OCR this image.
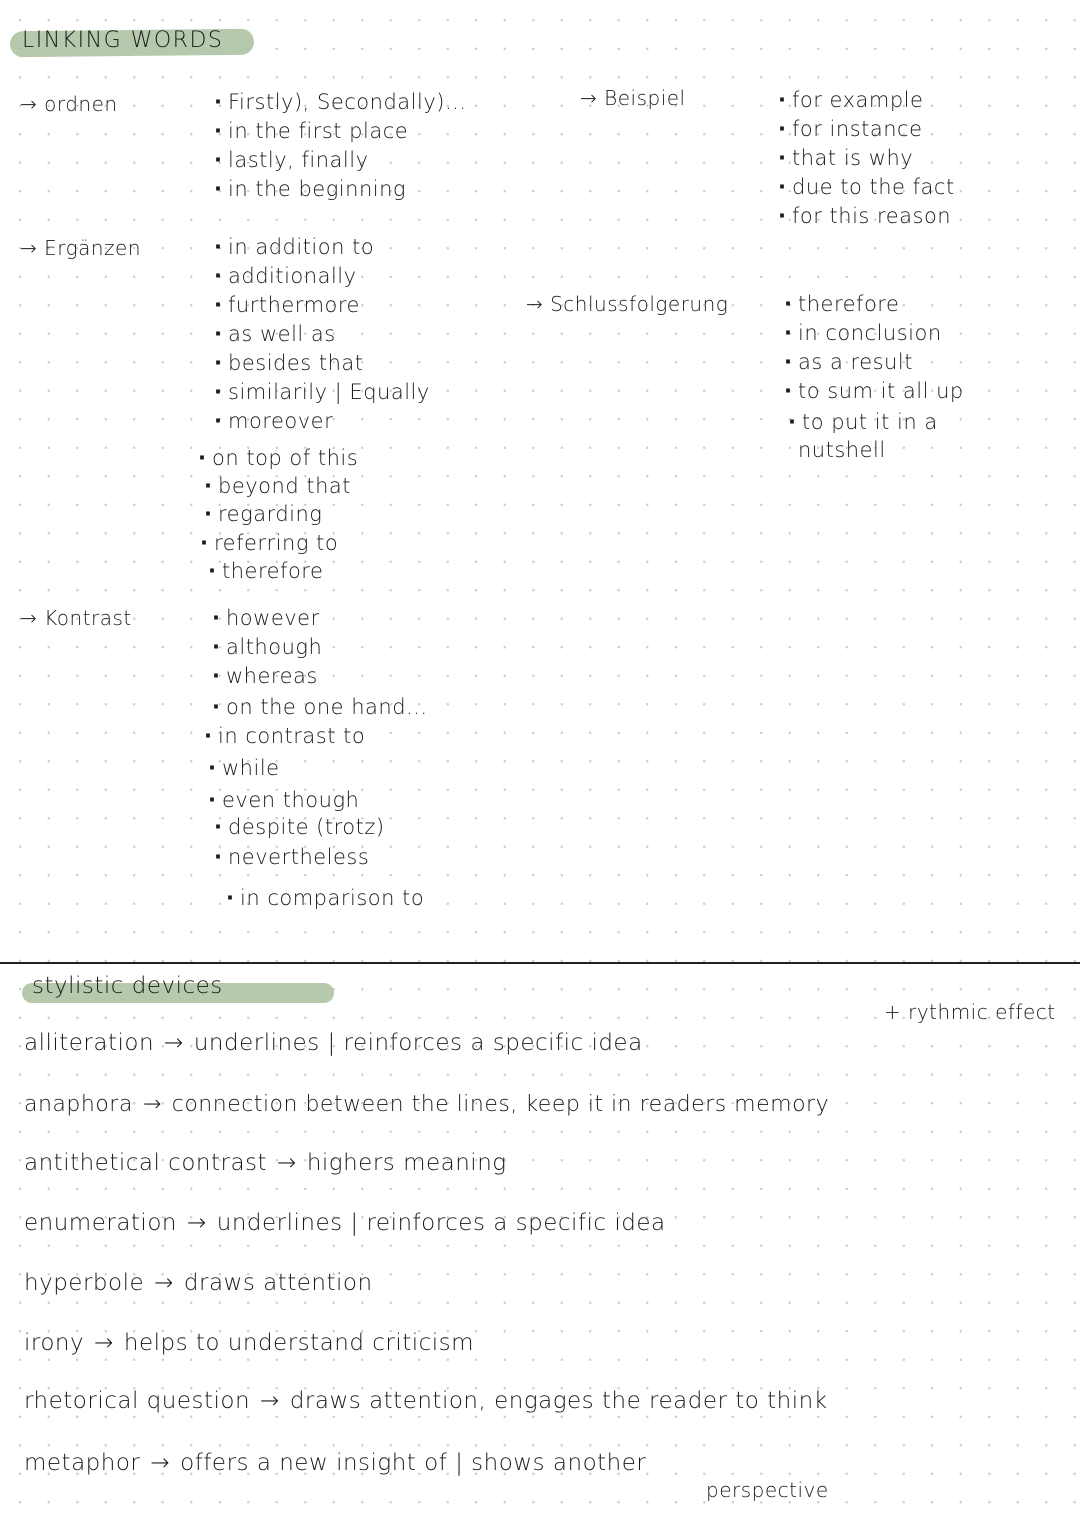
LINKING WORDS
→ ordnen	· Firstly), Secondally)...
· in the first place
· lastly, finally
· in the beginning
→ Beispiel	· for example
· for instance
· that is why
· due to the fact
· for this reason
→ Ergänzen	· in addition to
· additionally
· furthermore
· as well as
· besides that
· similarily | Equally
· moreover
· on top of this
· beyond that
· regarding
· referring to
· therefore
→ Schlussfolgerung	· therefore
· in conclusion
· as a result
· to sum it all up
· to put it in a
nutshell
→ Kontrast	· however
· although
· whereas
· on the one hand...
· in contrast to
· while
· even though
· despite (trotz)
· nevertheless
· in comparison to
stylistic devices
+ rythmic effect
alliteration → underlines | reinforces a specific idea
anaphora → connection between the lines, keep it in readers memory
antithetical contrast → highers meaning
enumeration → underlines | reinforces a specific idea
hyperbole → draws attention
irony → helps to understand criticism
rhetorical question → draws attention, engages the reader to think
metaphor → offers a new insight of | shows another
perspective
